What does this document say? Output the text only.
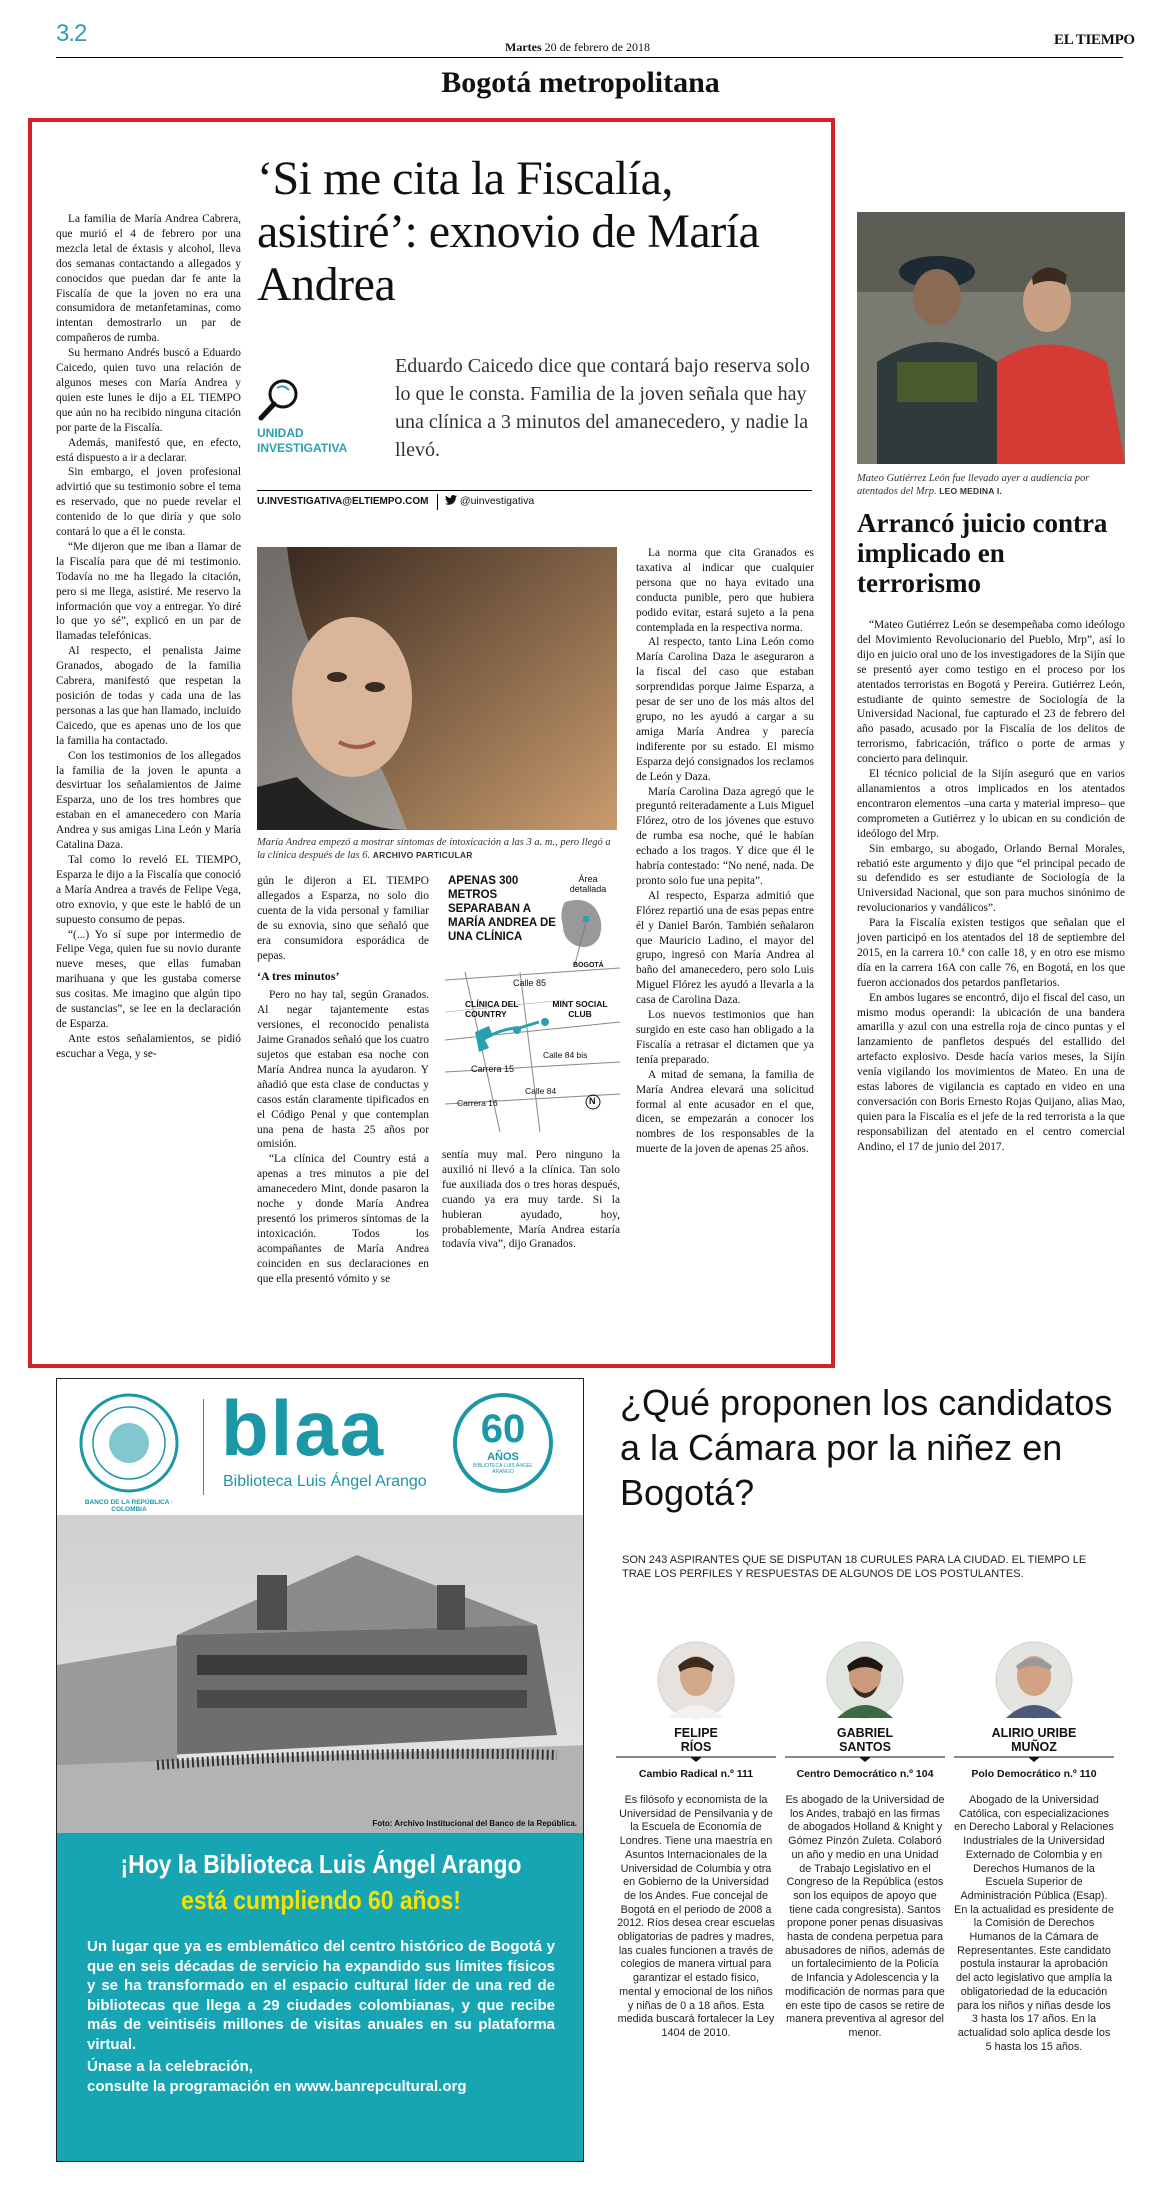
3.2	Martes 20 de febrero de 2018	EL TIEMPO
Bogotá metropolitana
‘Si me cita la Fiscalía, asistiré’: exnovio de María Andrea
UNIDAD INVESTIGATIVA
Eduardo Caicedo dice que contará bajo reserva solo lo que le consta. Familia de la joven señala que hay una clínica a 3 minutos del amanecedero, y nadie la llevó.
U.INVESTIGATIVA@ELTIEMPO.COM	@uinvestigativa

La familia de María Andrea Cabrera, que murió el 4 de febrero por una mezcla letal de éxtasis y alcohol, lleva dos semanas contactando a allegados y conocidos que puedan dar fe ante la Fiscalía de que la joven no era una consumidora de metanfetaminas, como intentan demostrarlo un par de compañeros de rumba.

Su hermano Andrés buscó a Eduardo Caicedo, quien tuvo una relación de algunos meses con María Andrea y quien este lunes le dijo a EL TIEMPO que aún no ha recibido ninguna citación por parte de la Fiscalía.

Además, manifestó que, en efecto, está dispuesto a ir a declarar.

Sin embargo, el joven profesional advirtió que su testimonio sobre el tema es reservado, que no puede revelar el contenido de lo que diría y que solo contará lo que a él le consta.

“Me dijeron que me iban a llamar de la Fiscalía para que dé mi testimonio. Todavía no me ha llegado la citación, pero si me llega, asistiré. Me reservo la información que voy a entregar. Yo diré lo que yo sé”, explicó en un par de llamadas telefónicas.

Al respecto, el penalista Jaime Granados, abogado de la familia Cabrera, manifestó que respetan la posición de todas y cada una de las personas a las que han llamado, incluido Caicedo, que es apenas uno de los que la familia ha contactado.

Con los testimonios de los allegados la familia de la joven le apunta a desvirtuar los señalamientos de Jaime Esparza, uno de los tres hombres que estaban en el amanecedero con María Andrea y sus amigas Lina León y María Catalina Daza.

Tal como lo reveló EL TIEMPO, Esparza le dijo a la Fiscalía que conoció a María Andrea a través de Felipe Vega, otro exnovio, y que este le habló de un supuesto consumo de pepas.

“(...) Yo sí supe por intermedio de Felipe Vega, quien fue su novio durante nueve meses, que ellas fumaban marihuana y que les gustaba comerse sus cositas. Me imagino que algún tipo de sustancias”, se lee en la declaración de Esparza.

Ante estos señalamientos, se pidió escuchar a Vega, y se-

María Andrea empezó a mostrar síntomas de intoxicación a las 3 a. m., pero llegó a la clínica después de las 6. ARCHIVO PARTICULAR

gún le dijeron a EL TIEMPO allegados a Esparza, no solo dio cuenta de la vida personal y familiar de su exnovia, sino que señaló que era consumidora esporádica de pepas.

‘A tres minutos’

Pero no hay tal, según Granados. Al negar tajantemente estas versiones, el reconocido penalista Jaime Granados señaló que los cuatro sujetos que estaban esa noche con María Andrea nunca la ayudaron. Y añadió que esta clase de conductas y casos están claramente tipificados en el Código Penal y que contemplan una pena de hasta 25 años por omisión.

“La clínica del Country está a apenas a tres minutos a pie del amanecedero Mint, donde pasaron la noche y donde María Andrea presentó los primeros síntomas de la intoxicación. Todos los acompañantes de María Andrea coinciden en sus declaraciones en que ella presentó vómito y se

APENAS 300 METROS SEPARABAN A MARÍA ANDREA DE UNA CLÍNICA
Área detallada
BOGOTÁ
Calle 85
CLÍNICA DEL COUNTRY
MINT SOCIAL CLUB
Carrera 15
Calle 84 bis
Calle 84
Carrera 16	N

sentía muy mal. Pero ninguno la auxilió ni llevó a la clínica. Tan solo fue auxiliada dos o tres horas después, cuando ya era muy tarde. Si la hubieran ayudado, hoy, probablemente, María Andrea estaría todavía viva”, dijo Granados.

La norma que cita Granados es taxativa al indicar que cualquier persona que no haya evitado una conducta punible, pero que hubiera podido evitar, estará sujeto a la pena contemplada en la respectiva norma.

Al respecto, tanto Lina León como María Carolina Daza le aseguraron a la fiscal del caso que estaban sorprendidas porque Jaime Esparza, a pesar de ser uno de los más altos del grupo, no les ayudó a cargar a su amiga María Andrea y parecía indiferente por su estado. El mismo Esparza dejó consignados los reclamos de León y Daza.

María Carolina Daza agregó que le preguntó reiteradamente a Luis Miguel Flórez, otro de los jóvenes que estuvo de rumba esa noche, qué le habían echado a los tragos. Y dice que él le habría contestado: “No nené, nada. De pronto solo fue una pepita”.

Al respecto, Esparza admitió que Flórez repartió una de esas pepas entre él y Daniel Barón. También señalaron que Mauricio Ladino, el mayor del grupo, ingresó con María Andrea al baño del amanecedero, pero solo Luis Miguel Flórez les ayudó a llevarla a la casa de Carolina Daza.

Los nuevos testimonios que han surgido en este caso han obligado a la Fiscalía a retrasar el dictamen que ya tenía preparado.

A mitad de semana, la familia de María Andrea elevará una solicitud formal al ente acusador en el que, dicen, se empezarán a conocer los nombres de los responsables de la muerte de la joven de apenas 25 años.

Mateo Gutiérrez León fue llevado ayer a audiencia por atentados del Mrp. LEO MEDINA I.
Arrancó juicio contra implicado en terrorismo

“Mateo Gutiérrez León se desempeñaba como ideólogo del Movimiento Revolucionario del Pueblo, Mrp”, así lo dijo en juicio oral uno de los investigadores de la Sijín que se presentó ayer como testigo en el proceso por los atentados terroristas en Bogotá y Pereira. Gutiérrez León, estudiante de quinto semestre de Sociología de la Universidad Nacional, fue capturado el 23 de febrero del año pasado, acusado por la Fiscalía de los delitos de terrorismo, fabricación, tráfico o porte de armas y concierto para delinquir.

El técnico policial de la Sijín aseguró que en varios allanamientos a otros implicados en los atentados encontraron elementos –una carta y material impreso– que comprometen a Gutiérrez y lo ubican en su condición de ideólogo del Mrp.

Sin embargo, su abogado, Orlando Bernal Morales, rebatió este argumento y dijo que “el principal pecado de su defendido es ser estudiante de Sociología de la Universidad Nacional, que son para muchos sinónimo de revolucionarios y vandálicos”.

Para la Fiscalía existen testigos que señalan que el joven participó en los atentados del 18 de septiembre del 2015, en la carrera 10.ª con calle 18, y en otro ese mismo día en la carrera 16A con calle 76, en Bogotá, en los que fueron accionados dos petardos panfletarios.

En ambos lugares se encontró, dijo el fiscal del caso, un mismo modus operandi: la ubicación de una bandera amarilla y azul con una estrella roja de cinco puntas y el lanzamiento de panfletos después del estallido del artefacto explosivo. Desde hacía varios meses, la Sijín venía vigilando los movimientos de Mateo. En una de estas labores de vigilancia es captado en video en una conversación con Boris Ernesto Rojas Quijano, alias Mao, quien para la Fiscalía es el jefe de la red terrorista a la que responsabilizan del atentado en el centro comercial Andino, el 17 de junio del 2017.

BANCO DE LA REPÚBLICA · COLOMBIA
blaa
Biblioteca Luis Ángel Arango
60
AÑOS
BIBLIOTECA LUIS ÁNGEL ARANGO
Foto: Archivo Institucional del Banco de la República.
¡Hoy la Biblioteca Luis Ángel Arango
está cumpliendo 60 años!
Un lugar que ya es emblemático del centro histórico de Bogotá y que en seis décadas de servicio ha expandido sus límites físicos y se ha transformado en el espacio cultural líder de una red de bibliotecas que llega a 29 ciudades colombianas, y que recibe más de veintiséis millones de visitas anuales en su plataforma virtual.
Únase a la celebración,
consulte la programación en www.banrepcultural.org
¿Qué proponen los candidatos a la Cámara por la niñez en Bogotá?
SON 243 ASPIRANTES QUE SE DISPUTAN 18 CURULES PARA LA CIUDAD. EL TIEMPO LE TRAE LOS PERFILES Y RESPUESTAS DE ALGUNOS DE LOS POSTULANTES.
FELIPE RÍOS
Cambio Radical n.º 111
Es filósofo y economista de la Universidad de Pensilvania y de la Escuela de Economía de Londres. Tiene una maestría en Asuntos Internacionales de la Universidad de Columbia y otra en Gobierno de la Universidad de los Andes. Fue concejal de Bogotá en el periodo de 2008 a 2012. Ríos desea crear escuelas obligatorias de padres y madres, las cuales funcionen a través de colegios de manera virtual para garantizar el estado físico, mental y emocional de los niños y niñas de 0 a 18 años. Esta medida buscará fortalecer la Ley 1404 de 2010.
GABRIEL SANTOS
Centro Democrático n.º 104
Es abogado de la Universidad de los Andes, trabajó en las firmas de abogados Holland & Knight y Gómez Pinzón Zuleta. Colaboró un año y medio en una Unidad de Trabajo Legislativo en el Congreso de la República (estos son los equipos de apoyo que tiene cada congresista). Santos propone poner penas disuasivas hasta de condena perpetua para abusadores de niños, además de un fortalecimiento de la Policía de Infancia y Adolescencia y la modificación de normas para que en este tipo de casos se retire de manera preventiva al agresor del menor.
ALIRIO URIBE MUÑOZ
Polo Democrático n.º 110
Abogado de la Universidad Católica, con especializaciones en Derecho Laboral y Relaciones Industriales de la Universidad Externado de Colombia y en Derechos Humanos de la Escuela Superior de Administración Pública (Esap). En la actualidad es presidente de la Comisión de Derechos Humanos de la Cámara de Representantes. Este candidato postula instaurar la aprobación del acto legislativo que amplía la obligatoriedad de la educación para los niños y niñas desde los 3 hasta los 17 años. En la actualidad solo aplica desde los 5 hasta los 15 años.
